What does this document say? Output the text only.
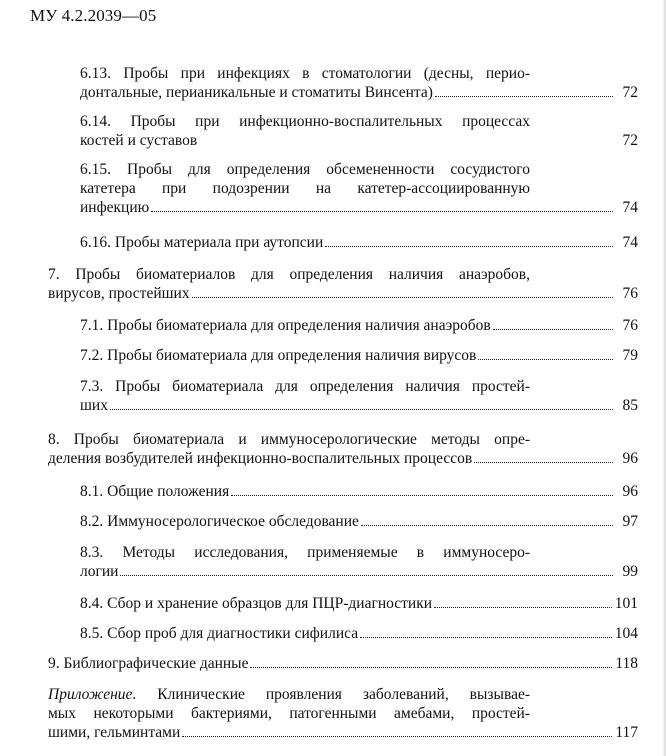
МУ 4.2.2039—05
6.13. Пробы при инфекциях в стоматологии (десны, перио-
донтальные, перианикальные и стоматиты Винсента)	72
6.14. Пробы при инфекционно-воспалительных процессах
костей и суставов	72
6.15. Пробы для определения обсемененности сосудистого
катетера при подозрении на катетер-ассоциированную
инфекцию	74
6.16. Пробы материала при аутопсии	74
7. Пробы биоматериалов для определения наличия анаэробов,
вирусов, простейших	76
7.1. Пробы биоматериала для определения наличия анаэробов	76
7.2. Пробы биоматериала для определения наличия вирусов	79
7.3. Пробы биоматериала для определения наличия простей-
ших	85
8. Пробы биоматериала и иммуносерологические методы опре-
деления возбудителей инфекционно-воспалительных процессов	96
8.1. Общие положения	96
8.2. Иммуносерологическое обследование	97
8.3. Методы исследования, применяемые в иммуносеро-
логии	99
8.4. Сбор и хранение образцов для ПЦР-диагностики	101
8.5. Сбор проб для диагностики сифилиса	104
9. Библиографические данные	118
Приложение. Клинические проявления заболеваний, вызывае-
мых некоторыми бактериями, патогенными амебами, простей-
шими, гельминтами	117
